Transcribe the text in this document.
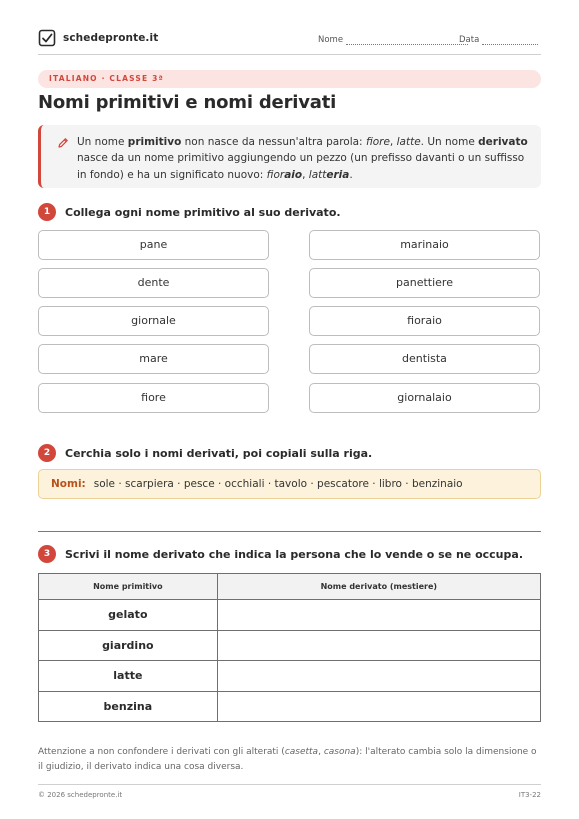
schedepronte.it	Nome	Data
ITALIANO · CLASSE 3ª
Nomi primitivi e nomi derivati
Un nome primitivo non nasce da nessun'altra parola: fiore, latte. Un nome derivato nasce da un nome primitivo aggiungendo un pezzo (un prefisso davanti o un suffisso in fondo) e ha un significato nuovo: fioraio, latteria.
1	Collega ogni nome primitivo al suo derivato.
pane
dente
giornale
mare
fiore
marinaio
panettiere
fioraio
dentista
giornalaio
2	Cerchia solo i nomi derivati, poi copiali sulla riga.
Nomi: sole · scarpiera · pesce · occhiali · tavolo · pescatore · libro · benzinaio
3	Scrivi il nome derivato che indica la persona che lo vende o se ne occupa.
Nome primitivo	Nome derivato (mestiere)
gelato	
giardino	
latte	
benzina	
Attenzione a non confondere i derivati con gli alterati (casetta, casona): l'alterato cambia solo la dimensione o il giudizio, il derivato indica una cosa diversa.
© 2026 schedepronte.it	IT3-22
